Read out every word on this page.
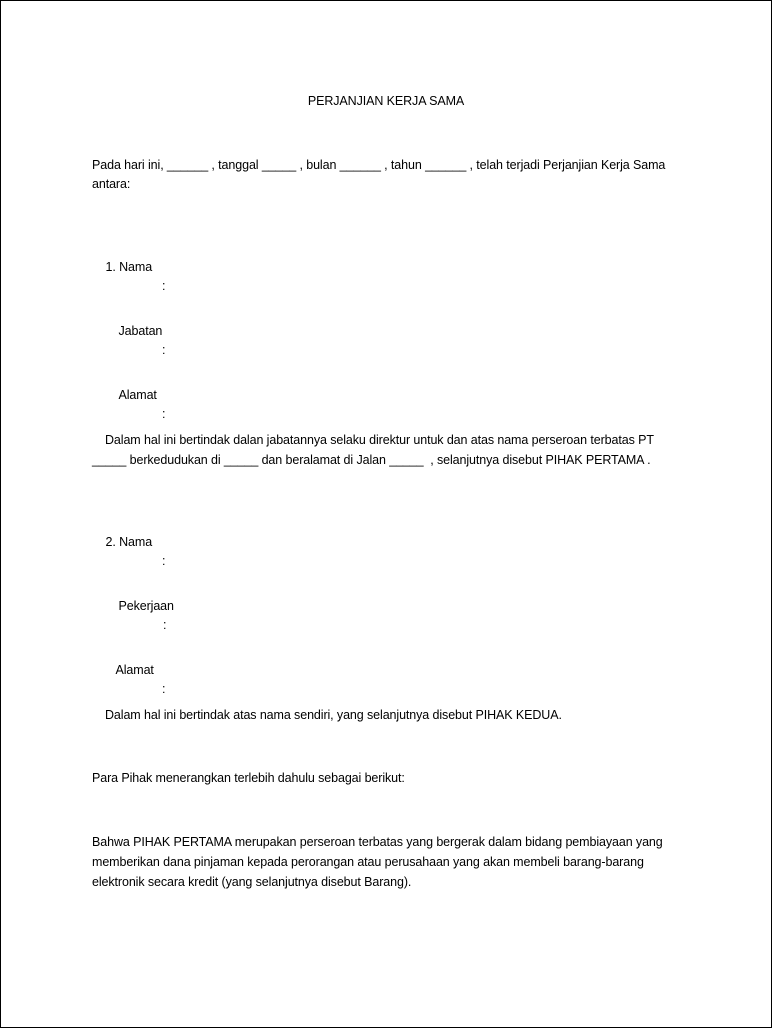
PERJANJIAN KERJA SAMA
Pada hari ini, ______ , tanggal _____ , bulan ______ , tahun ______ , telah terjadi Perjanjian Kerja Sama
antara:

1. Nama

:

Jabatan

:

Alamat

:

Dalam hal ini bertindak dalan jabatannya selaku direktur untuk dan atas nama perseroan terbatas PT
_____ berkedudukan di _____ dan beralamat di Jalan _____  , selanjutnya disebut PIHAK PERTAMA .

2. Nama

:

Pekerjaan

:

Alamat

:

Dalam hal ini bertindak atas nama sendiri, yang selanjutnya disebut PIHAK KEDUA.
Para Pihak menerangkan terlebih dahulu sebagai berikut:
Bahwa PIHAK PERTAMA merupakan perseroan terbatas yang bergerak dalam bidang pembiayaan yang
memberikan dana pinjaman kepada perorangan atau perusahaan yang akan membeli barang-barang
elektronik secara kredit (yang selanjutnya disebut Barang).
